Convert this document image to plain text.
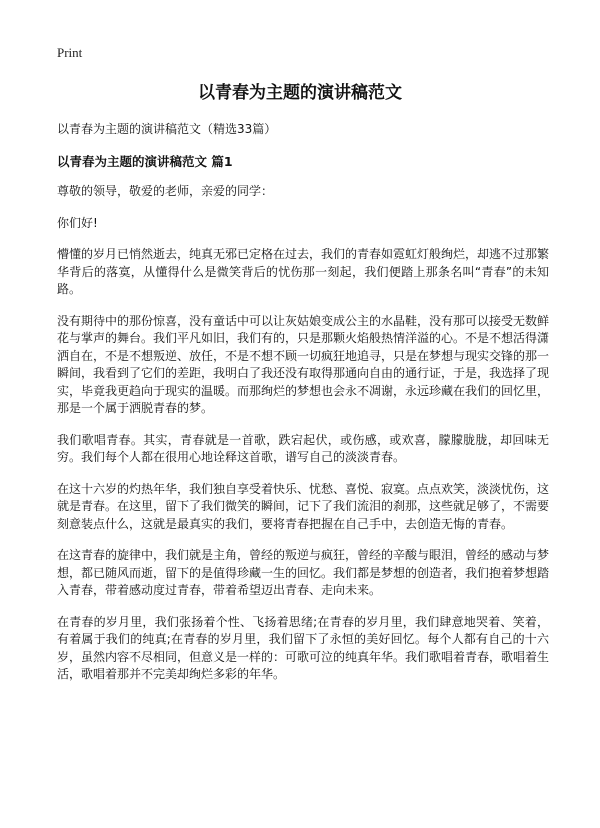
Print
以青春为主题的演讲稿范文

以青春为主题的演讲稿范文（精选33篇）

以青春为主题的演讲稿范文 篇1

尊敬的领导，敬爱的老师，亲爱的同学：

你们好!

懵懂的岁月已悄然逝去，纯真无邪已定格在过去，我们的青春如霓虹灯般绚烂，却逃不过那繁华背后的落寞，从懂得什么是微笑背后的忧伤那一刻起，我们便踏上那条名叫“青春”的未知路。

没有期待中的那份惊喜，没有童话中可以让灰姑娘变成公主的水晶鞋，没有那可以接受无数鲜花与掌声的舞台。我们平凡如旧，我们有的，只是那颗火焰般热情洋溢的心。不是不想活得潇洒自在，不是不想叛逆、放任，不是不想不顾一切疯狂地追寻，只是在梦想与现实交锋的那一瞬间，我看到了它们的差距，我明白了我还没有取得那通向自由的通行证，于是，我选择了现实，毕竟我更趋向于现实的温暖。而那绚烂的梦想也会永不凋谢，永远珍藏在我们的回忆里，那是一个属于洒脱青春的梦。

我们歌唱青春。其实，青春就是一首歌，跌宕起伏，或伤感，或欢喜，朦朦胧胧，却回味无穷。我们每个人都在很用心地诠释这首歌，谱写自己的淡淡青春。

在这十六岁的灼热年华，我们独自享受着快乐、忧愁、喜悦、寂寞。点点欢笑，淡淡忧伤，这就是青春。在这里，留下了我们微笑的瞬间，记下了我们流泪的刹那，这些就足够了，不需要刻意装点什么，这就是最真实的我们，要将青春把握在自己手中，去创造无悔的青春。

在这青春的旋律中，我们就是主角，曾经的叛逆与疯狂，曾经的辛酸与眼泪，曾经的感动与梦想，都已随风而逝，留下的是值得珍藏一生的回忆。我们都是梦想的创造者，我们抱着梦想踏入青春，带着感动度过青春，带着希望迈出青春、走向未来。

在青春的岁月里，我们张扬着个性、飞扬着思绪;在青春的岁月里，我们肆意地哭着、笑着，有着属于我们的纯真;在青春的岁月里，我们留下了永恒的美好回忆。每个人都有自己的十六岁，虽然内容不尽相同，但意义是一样的：可歌可泣的纯真年华。我们歌唱着青春，歌唱着生活，歌唱着那并不完美却绚烂多彩的年华。
